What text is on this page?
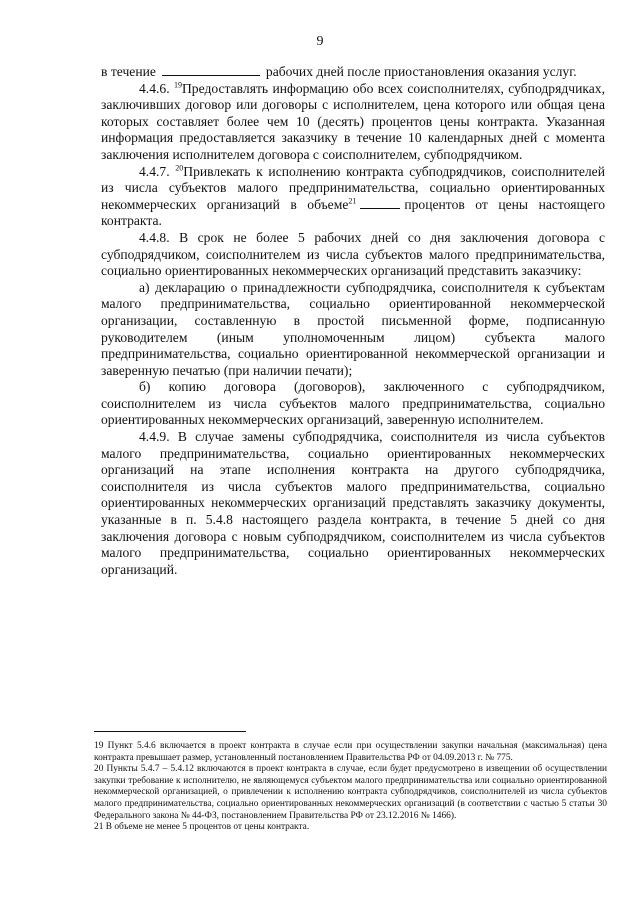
9

в течение	рабочих дней после приостановления оказания услуг.

4.4.6. $^{19}$Предоставлять информацию обо всех соисполнителях, субподрядчиках, заключивших договор или договоры с исполнителем, цена которого или общая цена которых составляет более чем 10 (десять) процентов цены контракта. Указанная информация предоставляется заказчику в течение 10 календарных дней с момента заключения исполнителем договора с соисполнителем, субподрядчиком.

4.4.7. $^{20}$Привлекать к исполнению контракта субподрядчиков, соисполнителей из числа субъектов малого предпринимательства, социально ориентированных некоммерческих организаций в объеме$^{21}$	процентов от цены настоящего контракта.

4.4.8. В срок не более 5 рабочих дней со дня заключения договора с субподрядчиком, соисполнителем из числа субъектов малого предпринимательства, социально ориентированных некоммерческих организаций представить заказчику:

а) декларацию о принадлежности субподрядчика, соисполнителя к субъектам малого предпринимательства, социально ориентированной некоммерческой организации, составленную в простой письменной форме, подписанную руководителем (иным уполномоченным лицом) субъекта малого предпринимательства, социально ориентированной некоммерческой организации и заверенную печатью (при наличии печати);

б) копию договора (договоров), заключенного с субподрядчиком, соисполнителем из числа субъектов малого предпринимательства, социально ориентированных некоммерческих организаций, заверенную исполнителем.

4.4.9. В случае замены субподрядчика, соисполнителя из числа субъектов малого предпринимательства, социально ориентированных некоммерческих организаций на этапе исполнения контракта на другого субподрядчика, соисполнителя из числа субъектов малого предпринимательства, социально ориентированных некоммерческих организаций представлять заказчику документы, указанные в п. 5.4.8 настоящего раздела контракта, в течение 5 дней со дня заключения договора с новым субподрядчиком, соисполнителем из числа субъектов малого предпринимательства, социально ориентированных некоммерческих организаций.

19 Пункт 5.4.6 включается в проект контракта в случае если при осуществлении закупки начальная (максимальная) цена контракта превышает размер, установленный постановлением Правительства РФ от 04.09.2013 г. № 775.

20 Пункты 5.4.7 – 5.4.12 включаются в проект контракта в случае, если будет предусмотрено в извещении об осуществлении закупки требование к исполнителю, не являющемуся субъектом малого предпринимательства или социально ориентированной некоммерческой организацией, о привлечении к исполнению контракта субподрядчиков, соисполнителей из числа субъектов малого предпринимательства, социально ориентированных некоммерческих организаций (в соответствии с частью 5 статьи 30 Федерального закона № 44-ФЗ, постановлением Правительства РФ от 23.12.2016 № 1466).

21 В объеме не менее 5 процентов от цены контракта.
